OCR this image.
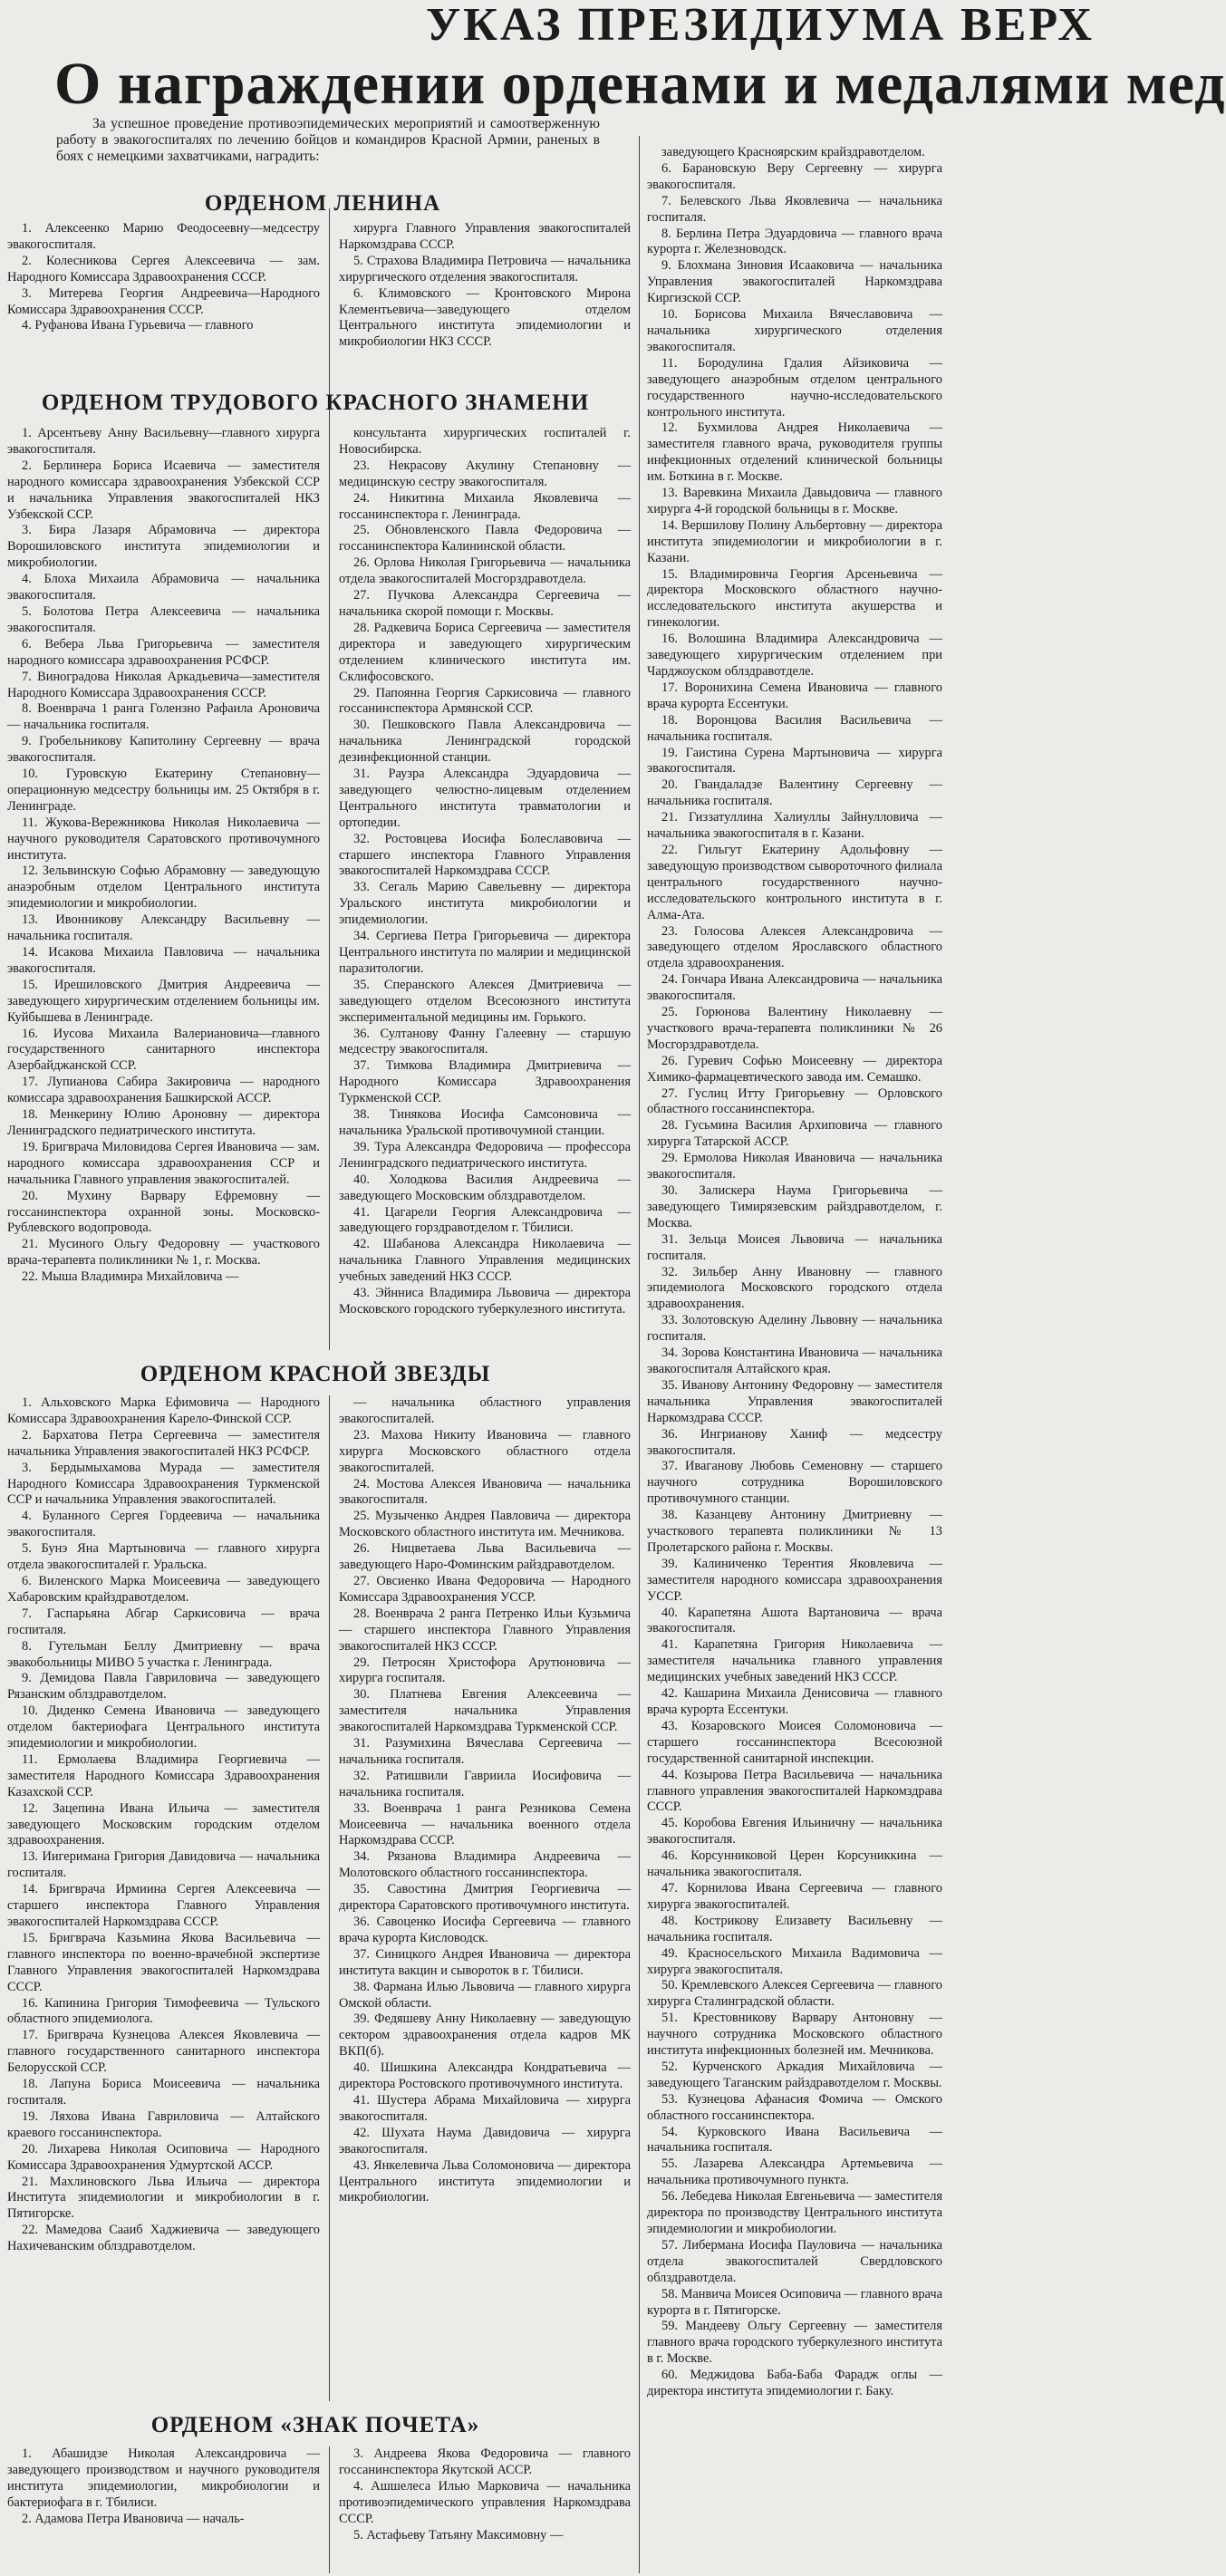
УКАЗ ПРЕЗИДИУМА ВЕРХ
О награждении орденами и медалями мед
За успешное проведение противоэпидемических мероприятий и самоотверженную работу в эвакогоспиталях по лечению бойцов и командиров Красной Армии, раненых в боях с немецкими захватчиками, наградить:
ОРДЕНОМ ЛЕНИНА

1. Алексеенко Марию Феодосеевну—медсестру эвакогоспиталя.

2. Колесникова Сергея Алексеевича — зам. Народного Комиссара Здравоохранения СССР.

3. Митерева Георгия Андреевича—Народного Комиссара Здравоохранения СССР.

4. Руфанова Ивана Гурьевича — главного

хирурга Главного Управления эвакогоспиталей Наркомздрава СССР.

5. Страхова Владимира Петровича — начальника хирургического отделения эвакогоспиталя.

6. Климовского — Кронтовского Мирона Клементьевича—заведующего отделом Центрального института эпидемиологии и микробиологии НКЗ СССР.

ОРДЕНОМ ТРУДОВОГО КРАСНОГО ЗНАМЕНИ

1. Арсентьеву Анну Васильевну—главного хирурга эвакогоспиталя.

2. Берлинера Бориса Исаевича — заместителя народного комиссара здравоохранения Узбекской ССР и начальника Управления эвакогоспиталей НКЗ Узбекской ССР.

3. Бира Лазаря Абрамовича — директора Ворошиловского института эпидемиологии и микробиологии.

4. Блоха Михаила Абрамовича — начальника эвакогоспиталя.

5. Болотова Петра Алексеевича — начальника эвакогоспиталя.

6. Вебера Льва Григорьевича — заместителя народного комиссара здравоохранения РСФСР.

7. Виноградова Николая Аркадьевича—заместителя Народного Комиссара Здравоохранения СССР.

8. Военврача 1 ранга Голензно Рафаила Ароновича — начальника госпиталя.

9. Гробельникову Капитолину Сергеевну — врача эвакогоспиталя.

10. Гуровскую Екатерину Степановну—операционную медсестру больницы им. 25 Октября в г. Ленинграде.

11. Жукова-Вережникова Николая Николаевича — научного руководителя Саратовского противочумного института.

12. Зельвинскую Софью Абрамовну — заведующую анаэробным отделом Центрального института эпидемиологии и микробиологии.

13. Ивонникову Александру Васильевну — начальника госпиталя.

14. Исакова Михаила Павловича — начальника эвакогоспиталя.

15. Ирешиловского Дмитрия Андреевича — заведующего хирургическим отделением больницы им. Куйбышева в Ленинграде.

16. Иусова Михаила Валериановича—главного государственного санитарного инспектора Азербайджанской ССР.

17. Лупианова Сабира Закировича — народного комиссара здравоохранения Башкирской АССР.

18. Менкерину Юлию Ароновну — директора Ленинградского педиатрического института.

19. Бригврача Миловидова Сергея Ивановича — зам. народного комиссара здравоохранения ССР и начальника Главного управления эвакогоспиталей.

20. Мухину Варвару Ефремовну — госсанинспектора охранной зоны. Московско-Рублевского водопровода.

21. Мусиного Ольгу Федоровну — участкового врача-терапевта поликлиники № 1, г. Москва.

22. Мыша Владимира Михайловича —

консультанта хирургических госпиталей г. Новосибирска.

23. Некрасову Акулину Степановну — медицинскую сестру эвакогоспиталя.

24. Никитина Михаила Яковлевича — госсанинспектора г. Ленинграда.

25. Обновленского Павла Федоровича — госсанинспектора Калининской области.

26. Орлова Николая Григорьевича — начальника отдела эвакогоспиталей Мосгорздравотдела.

27. Пучкова Александра Сергеевича — начальника скорой помощи г. Москвы.

28. Радкевича Бориса Сергеевича — заместителя директора и заведующего хирургическим отделением клинического института им. Склифосовского.

29. Папоянна Георгия Саркисовича — главного госсанинспектора Армянской ССР.

30. Пешковского Павла Александровича — начальника Ленинградской городской дезинфекционной станции.

31. Раузра Александра Эдуардовича — заведующего челюстно-лицевым отделением Центрального института травматологии и ортопедии.

32. Ростовцева Иосифа Болеславовича — старшего инспектора Главного Управления эвакогоспиталей Наркомздрава СССР.

33. Сегаль Марию Савельевну — директора Уральского института микробиологии и эпидемиологии.

34. Сергиева Петра Григорьевича — директора Центрального института по малярии и медицинской паразитологии.

35. Сперанского Алексея Дмитриевича — заведующего отделом Всесоюзного института экспериментальной медицины им. Горького.

36. Султанову Фанну Галеевну — старшую медсестру эвакогоспиталя.

37. Тимкова Владимира Дмитриевича — Народного Комиссара Здравоохранения Туркменской ССР.

38. Тинякова Иосифа Самсоновича — начальника Уральской противочумной станции.

39. Тура Александра Федоровича — профессора Ленинградского педиатрического института.

40. Холодкова Василия Андреевича — заведующего Московским облздравотделом.

41. Цагарели Георгия Александровича — заведующего горздравотделом г. Тбилиси.

42. Шабанова Александра Николаевича — начальника Главного Управления медицинских учебных заведений НКЗ СССР.

43. Эйнниса Владимира Львовича — директора Московского городского туберкулезного института.

ОРДЕНОМ КРАСНОЙ ЗВЕЗДЫ

1. Альховского Марка Ефимовича — Народного Комиссара Здравоохранения Карело-Финской ССР.

2. Бархатова Петра Сергеевича — заместителя начальника Управления эвакогоспиталей НКЗ РСФСР.

3. Бердымыхамова Мурада — заместителя Народного Комиссара Здравоохранения Туркменской ССР и начальника Управления эвакогоспиталей.

4. Буланного Сергея Гордеевича — начальника эвакогоспиталя.

5. Бунэ Яна Мартыновича — главного хирурга отдела эвакогоспиталей г. Уральска.

6. Виленского Марка Моисеевича — заведующего Хабаровским крайздравотделом.

7. Гаспарьяна Абгар Саркисовича — врача госпиталя.

8. Гутельман Беллу Дмитриевну — врача эвакобольницы МИВО 5 участка г. Ленинграда.

9. Демидова Павла Гавриловича — заведующего Рязанским облздравотделом.

10. Диденко Семена Ивановича — заведующего отделом бактериофага Центрального института эпидемиологии и микробиологии.

11. Ермолаева Владимира Георгиевича — заместителя Народного Комиссара Здравоохранения Казахской ССР.

12. Зацепина Ивана Ильича — заместителя заведующего Московским городским отделом здравоохранения.

13. Иигеримана Григория Давидовича — начальника госпиталя.

14. Бригврача Ирмиина Сергея Алексеевича — старшего инспектора Главного Управления эвакогоспиталей Наркомздрава СССР.

15. Бригврача Казьмина Якова Васильевича — главного инспектора по военно-врачебной экспертизе Главного Управления эвакогоспиталей Наркомздрава СССР.

16. Капинина Григория Тимофеевича — Тульского областного эпидемиолога.

17. Бригврача Кузнецова Алексея Яковлевича — главного государственного санитарного инспектора Белорусской ССР.

18. Лапуна Бориса Моисеевича — начальника госпиталя.

19. Ляхова Ивана Гавриловича — Алтайского краевого госсанинспектора.

20. Лихарева Николая Осиповича — Народного Комиссара Здравоохранения Удмуртской АССР.

21. Махлиновского Льва Ильича — директора Института эпидемиологии и микробиологии в г. Пятигорске.

22. Мамедова Сааиб Хаджиевича — заведующего Нахичеванским облздравотделом.

— начальника областного управления эвакогоспиталей.

23. Махова Никиту Ивановича — главного хирурга Московского областного отдела эвакогоспиталей.

24. Мостова Алексея Ивановича — начальника эвакогоспиталя.

25. Музыченко Андрея Павловича — директора Московского областного института им. Мечникова.

26. Ницветаева Льва Васильевича — заведующего Наро-Фоминским райздравотделом.

27. Овсиенко Ивана Федоровича — Народного Комиссара Здравоохранения УССР.

28. Военврача 2 ранга Петренко Ильи Кузьмича — старшего инспектора Главного Управления эвакогоспиталей НКЗ СССР.

29. Петросян Христофора Арутюновича — хирурга госпиталя.

30. Платнева Евгения Алексеевича — заместителя начальника Управления эвакогоспиталей Наркомздрава Туркменской ССР.

31. Разумихина Вячеслава Сергеевича — начальника госпиталя.

32. Ратишвили Гавриила Иосифовича — начальника госпиталя.

33. Военврача 1 ранга Резникова Семена Моисеевича — начальника военного отдела Наркомздрава СССР.

34. Рязанова Владимира Андреевича — Молотовского областного госсанинспектора.

35. Савостина Дмитрия Георгиевича — директора Саратовского противочумного института.

36. Савоценко Иосифа Сергеевича — главного врача курорта Кисловодск.

37. Синицкого Андрея Ивановича — директора института вакцин и сывороток в г. Тбилиси.

38. Фармана Илью Львовича — главного хирурга Омской области.

39. Федяшеву Анну Николаевну — заведующую сектором здравоохранения отдела кадров МК ВКП(б).

40. Шишкина Александра Кондратьевича — директора Ростовского противочумного института.

41. Шустера Абрама Михайловича — хирурга эвакогоспиталя.

42. Шухата Наума Давидовича — хирурга эвакогоспиталя.

43. Янкелевича Льва Соломоновича — директора Центрального института эпидемиологии и микробиологии.

ОРДЕНОМ «ЗНАК ПОЧЕТА»

1. Абашидзе Николая Александровича — заведующего производством и научного руководителя института эпидемиологии, микробиологии и бактериофага в г. Тбилиси.

2. Адамова Петра Ивановича — началь-

3. Андреева Якова Федоровича — главного госсанинспектора Якутской АССР.

4. Ашшелеса Илью Марковича — начальника противоэпидемического управления Наркомздрава СССР.

5. Астафьеву Татьяну Максимовну —

заведующего Красноярским крайздравотделом.

6. Барановскую Веру Сергеевну — хирурга эвакогоспиталя.

7. Белевского Льва Яковлевича — начальника госпиталя.

8. Берлина Петра Эдуардовича — главного врача курорта г. Железноводск.

9. Блохмана Зиновия Исааковича — начальника Управления эвакогоспиталей Наркомздрава Киргизской ССР.

10. Борисова Михаила Вячеславовича — начальника хирургического отделения эвакогоспиталя.

11. Бородулина Гдалия Айзиковича — заведующего анаэробным отделом центрального государственного научно-исследовательского контрольного института.

12. Бухмилова Андрея Николаевича — заместителя главного врача, руководителя группы инфекционных отделений клинической больницы им. Боткина в г. Москве.

13. Варевкина Михаила Давыдовича — главного хирурга 4-й городской больницы в г. Москве.

14. Вершилову Полину Альбертовну — директора института эпидемиологии и микробиологии в г. Казани.

15. Владимировича Георгия Арсеньевича — директора Московского областного научно-исследовательского института акушерства и гинекологии.

16. Волошина Владимира Александровича — заведующего хирургическим отделением при Чарджоуском облздравотделе.

17. Воронихина Семена Ивановича — главного врача курорта Ессентуки.

18. Воронцова Василия Васильевича — начальника госпиталя.

19. Гаистина Сурена Мартыновича — хирурга эвакогоспиталя.

20. Гвандаладзе Валентину Сергеевну — начальника госпиталя.

21. Гиззатуллина Халиуллы Зайнулловича — начальника эвакогоспиталя в г. Казани.

22. Гильгут Екатерину Адольфовну — заведующую производством сывороточного филиала центрального государственного научно-исследовательского контрольного института в г. Алма-Ата.

23. Голосова Алексея Александровича — заведующего отделом Ярославского областного отдела здравоохранения.

24. Гончара Ивана Александровича — начальника эвакогоспиталя.

25. Горюнова Валентину Николаевну — участкового врача-терапевта поликлиники № 26 Мосгорздравотдела.

26. Гуревич Софью Моисеевну — директора Химико-фармацевтического завода им. Семашко.

27. Гуслиц Итту Григорьевну — Орловского областного госсанинспектора.

28. Гусьмина Василия Архиповича — главного хирурга Татарской АССР.

29. Ермолова Николая Ивановича — начальника эвакогоспиталя.

30. Залискера Наума Григорьевича — заведующего Тимирязевским райздравотделом, г. Москва.

31. Зельца Моисея Львовича — начальника госпиталя.

32. Зильбер Анну Ивановну — главного эпидемиолога Московского городского отдела здравоохранения.

33. Золотовскую Аделину Львовну — начальника госпиталя.

34. Зорова Константина Ивановича — начальника эвакогоспиталя Алтайского края.

35. Иванову Антонину Федоровну — заместителя начальника Управления эвакогоспиталей Наркомздрава СССР.

36. Ингрианову Ханиф — медсестру эвакогоспиталя.

37. Иваганову Любовь Семеновну — старшего научного сотрудника Ворошиловского противочумного станции.

38. Казанцеву Антонину Дмитриевну — участкового терапевта поликлиники № 13 Пролетарского района г. Москвы.

39. Калиниченко Терентия Яковлевича — заместителя народного комиссара здравоохранения УССР.

40. Карапетяна Ашота Вартановича — врача эвакогоспиталя.

41. Карапетяна Григория Николаевича — заместителя начальника главного управления медицинских учебных заведений НКЗ СССР.

42. Кашарина Михаила Денисовича — главного врача курорта Ессентуки.

43. Козаровского Моисея Соломоновича — старшего госсанинспектора Всесоюзной государственной санитарной инспекции.

44. Козырова Петра Васильевича — начальника главного управления эвакогоспиталей Наркомздрава СССР.

45. Коробова Евгения Ильиничну — начальника эвакогоспиталя.

46. Корсунниковой Церен Корсуниккина — начальника эвакогоспиталя.

47. Корнилова Ивана Сергеевича — главного хирурга эвакогоспиталей.

48. Кострикову Елизавету Васильевну — начальника госпиталя.

49. Красносельского Михаила Вадимовича — хирурга эвакогоспиталя.

50. Кремлевского Алексея Сергеевича — главного хирурга Сталинградской области.

51. Крестовникову Варвару Антоновну — научного сотрудника Московского областного института инфекционных болезней им. Мечникова.

52. Курченского Аркадия Михайловича — заведующего Таганским райздравотделом г. Москвы.

53. Кузнецова Афанасия Фомича — Омского областного госсанинспектора.

54. Курковского Ивана Васильевича — начальника госпиталя.

55. Лазарева Александра Артемьевича — начальника противочумного пункта.

56. Лебедева Николая Евгеньевича — заместителя директора по производству Центрального института эпидемиологии и микробиологии.

57. Либермана Иосифа Пауловича — начальника отдела эвакогоспиталей Свердловского облздравотдела.

58. Манвича Моисея Осиповича — главного врача курорта в г. Пятигорске.

59. Мандееву Ольгу Сергеевну — заместителя главного врача городского туберкулезного института в г. Москве.

60. Меджидова Баба-Баба Фарадж оглы — директора института эпидемиологии г. Баку.
